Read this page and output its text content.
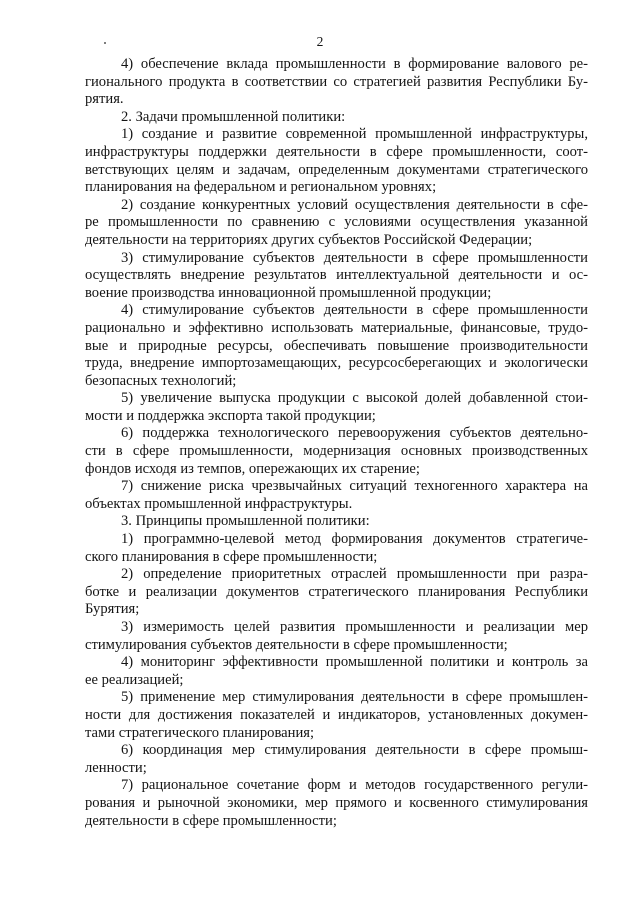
2
4) обеспечение вклада промышленности в формирование валового ре-
гионального продукта в соответствии со стратегией развития Республики Бу-
рятия.
2. Задачи промышленной политики:
1) создание и развитие современной промышленной инфраструктуры,
инфраструктуры поддержки деятельности в сфере промышленности, соот-
ветствующих целям и задачам, определенным документами стратегического
планирования на федеральном и региональном уровнях;
2) создание конкурентных условий осуществления деятельности в сфе-
ре промышленности по сравнению с условиями осуществления указанной
деятельности на территориях других субъектов Российской Федерации;
3) стимулирование субъектов деятельности в сфере промышленности
осуществлять внедрение результатов интеллектуальной деятельности и ос-
воение производства инновационной промышленной продукции;
4) стимулирование субъектов деятельности в сфере промышленности
рационально и эффективно использовать материальные, финансовые, трудо-
вые и природные ресурсы, обеспечивать повышение производительности
труда, внедрение импортозамещающих, ресурсосберегающих и экологически
безопасных технологий;
5) увеличение выпуска продукции с высокой долей добавленной стои-
мости и поддержка экспорта такой продукции;
6) поддержка технологического перевооружения субъектов деятельно-
сти в сфере промышленности, модернизация основных производственных
фондов исходя из темпов, опережающих их старение;
7) снижение риска чрезвычайных ситуаций техногенного характера на
объектах промышленной инфраструктуры.
3. Принципы промышленной политики:
1) программно-целевой метод формирования документов стратегиче-
ского планирования в сфере промышленности;
2) определение приоритетных отраслей промышленности при разра-
ботке и реализации документов стратегического планирования Республики
Бурятия;
3) измеримость целей развития промышленности и реализации мер
стимулирования субъектов деятельности в сфере промышленности;
4) мониторинг эффективности промышленной политики и контроль за
ее реализацией;
5) применение мер стимулирования деятельности в сфере промышлен-
ности для достижения показателей и индикаторов, установленных докумен-
тами стратегического планирования;
6) координация мер стимулирования деятельности в сфере промыш-
ленности;
7) рациональное сочетание форм и методов государственного регули-
рования и рыночной экономики, мер прямого и косвенного стимулирования
деятельности в сфере промышленности;
